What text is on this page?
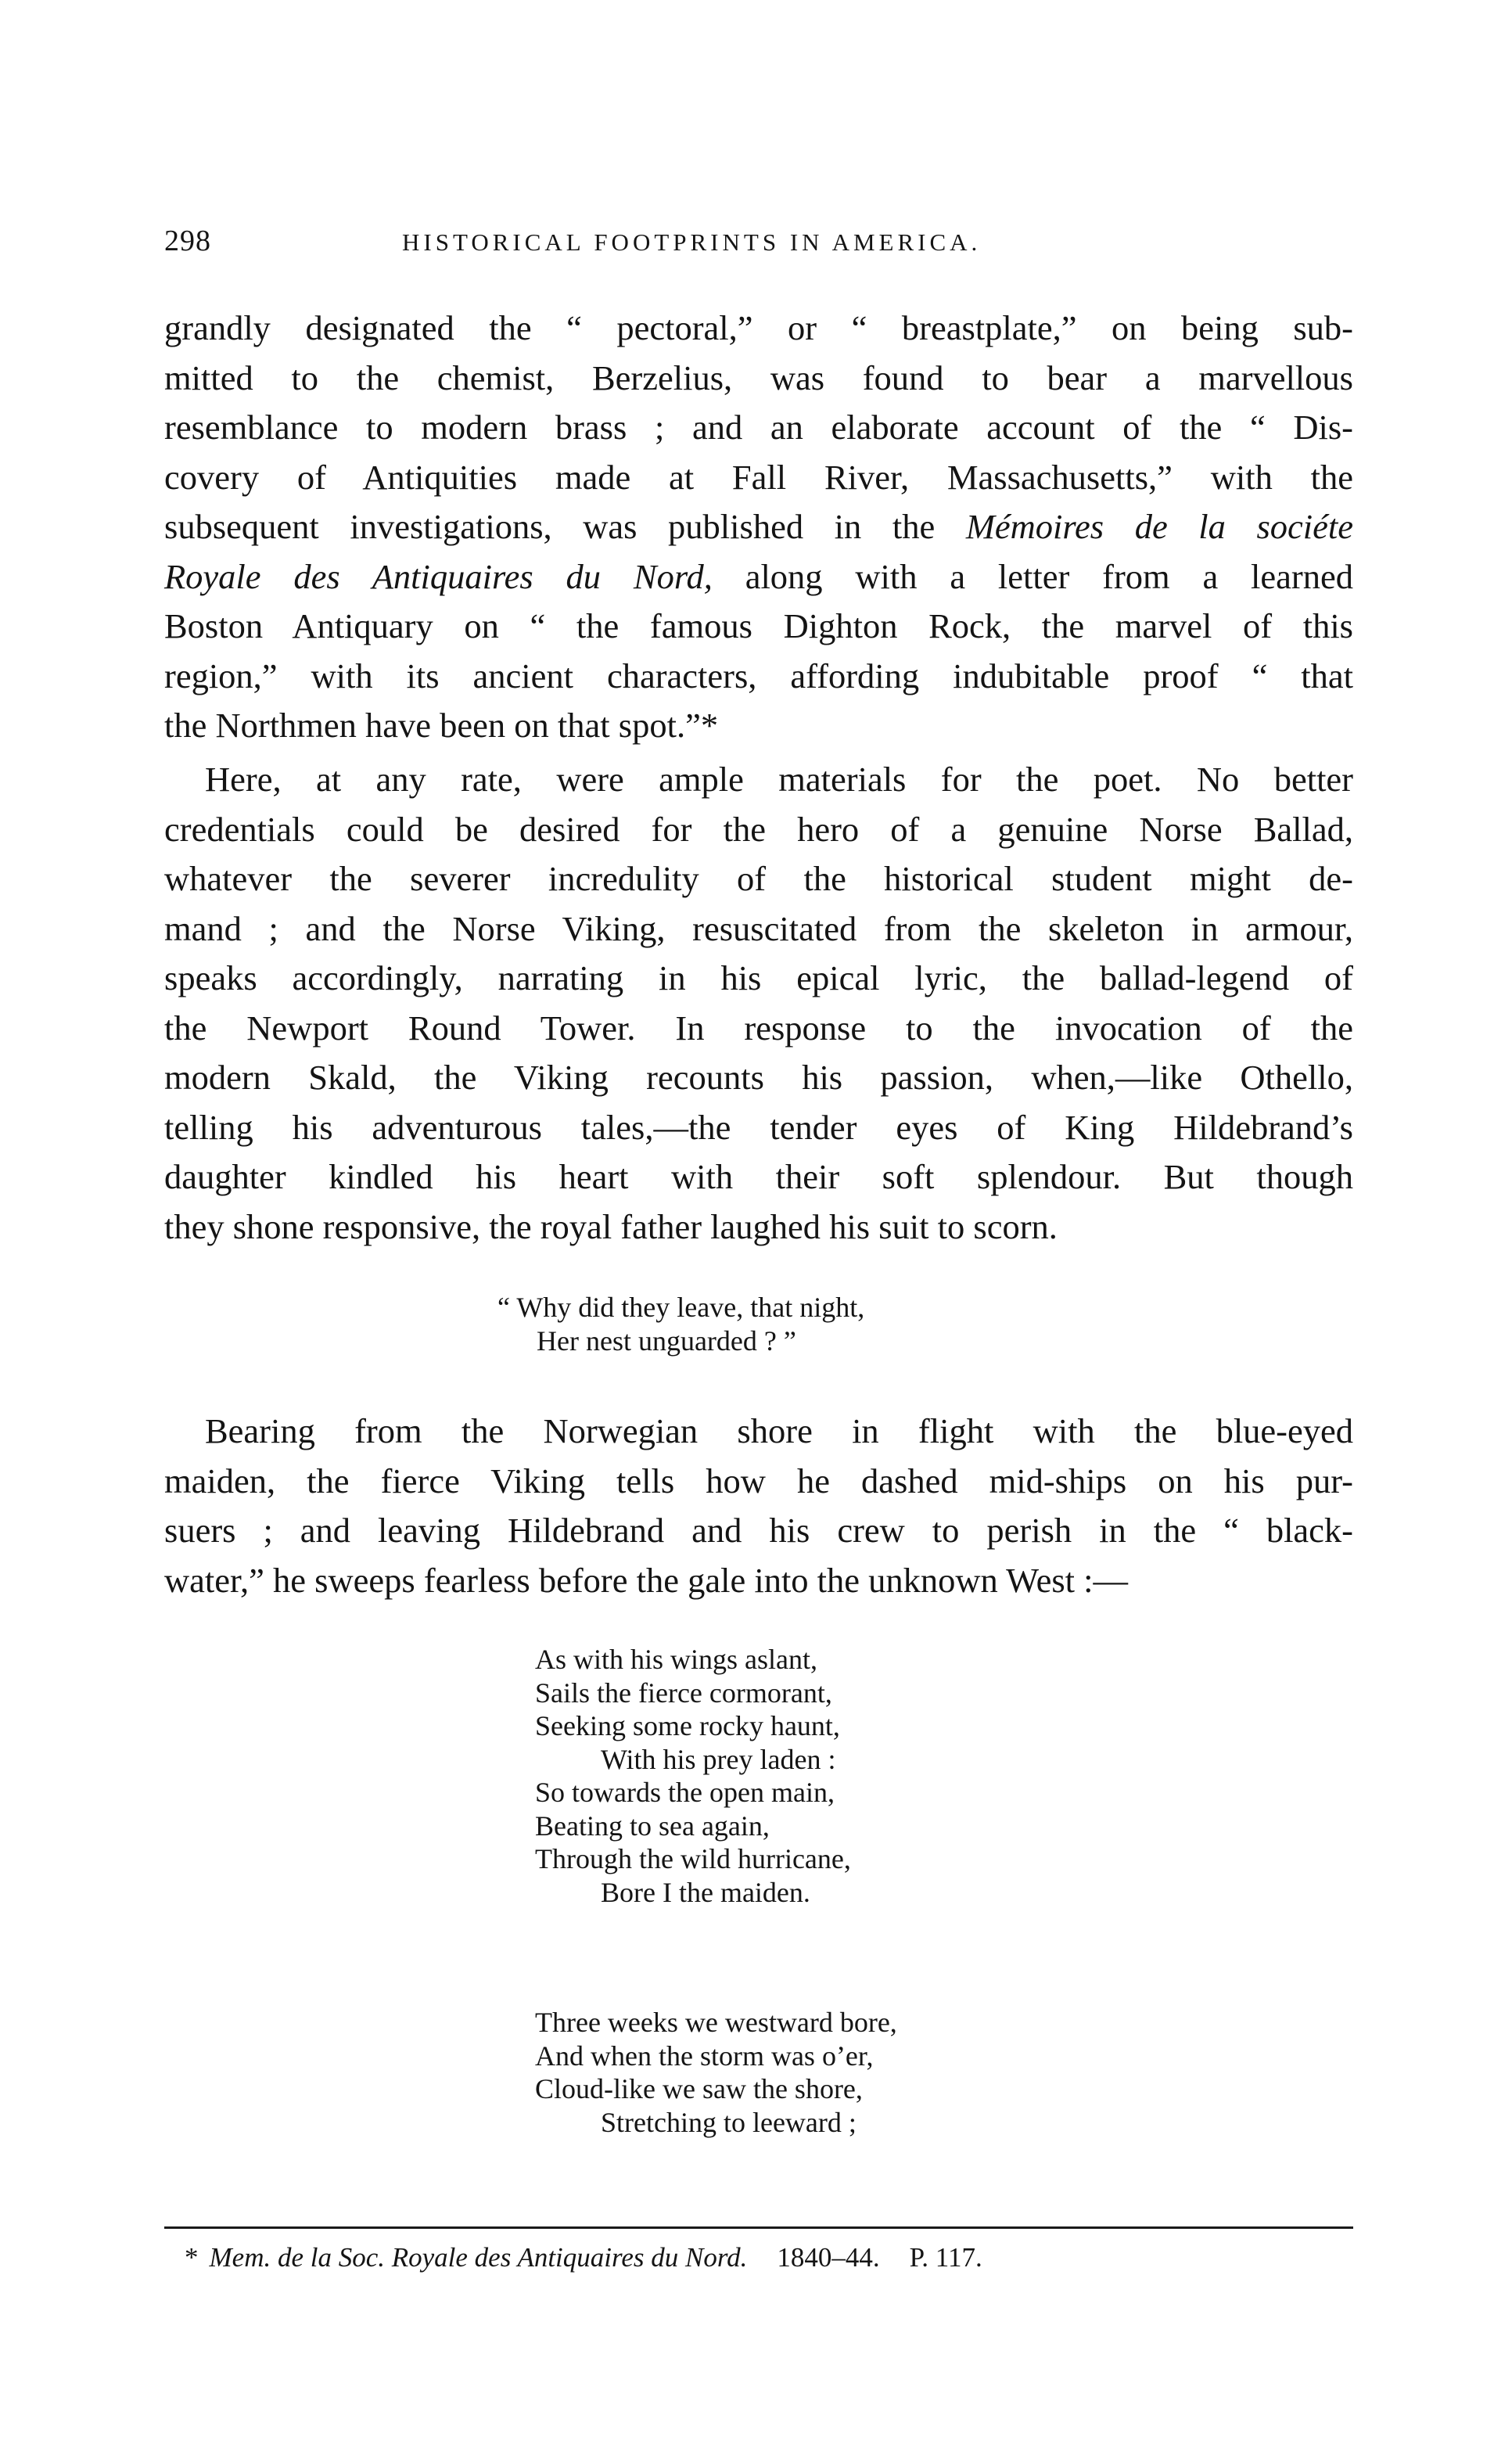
298	HISTORICAL FOOTPRINTS IN AMERICA.
grandly designated the “ pectoral,” or “ breastplate,” on being sub-
mitted to the chemist, Berzelius, was found to bear a marvellous
resemblance to modern brass ; and an elaborate account of the “ Dis-
covery of Antiquities made at Fall River, Massachusetts,” with the
subsequent investigations, was published in the Mémoires de la sociéte
Royale des Antiquaires du Nord, along with a letter from a learned
Boston Antiquary on “ the famous Dighton Rock, the marvel of this
region,” with its ancient characters, affording indubitable proof “ that
the Northmen have been on that spot.”*
Here, at any rate, were ample materials for the poet. No better
credentials could be desired for the hero of a genuine Norse Ballad,
whatever the severer incredulity of the historical student might de-
mand ; and the Norse Viking, resuscitated from the skeleton in armour,
speaks accordingly, narrating in his epical lyric, the ballad-legend of
the Newport Round Tower. In response to the invocation of the
modern Skald, the Viking recounts his passion, when,—like Othello,
telling his adventurous tales,—the tender eyes of King Hildebrand’s
daughter kindled his heart with their soft splendour. But though
they shone responsive, the royal father laughed his suit to scorn.
“ Why did they leave, that night,
Her nest unguarded ? ”
Bearing from the Norwegian shore in flight with the blue-eyed
maiden, the fierce Viking tells how he dashed mid-ships on his pur-
suers ; and leaving Hildebrand and his crew to perish in the “ black-
water,” he sweeps fearless before the gale into the unknown West :—
As with his wings aslant,
Sails the fierce cormorant,
Seeking some rocky haunt,
With his prey laden :
So towards the open main,
Beating to sea again,
Through the wild hurricane,
Bore I the maiden.
Three weeks we westward bore,
And when the storm was o’er,
Cloud-like we saw the shore,
Stretching to leeward ;
* Mem. de la Soc. Royale des Antiquaires du Nord. 1840–44. P. 117.
